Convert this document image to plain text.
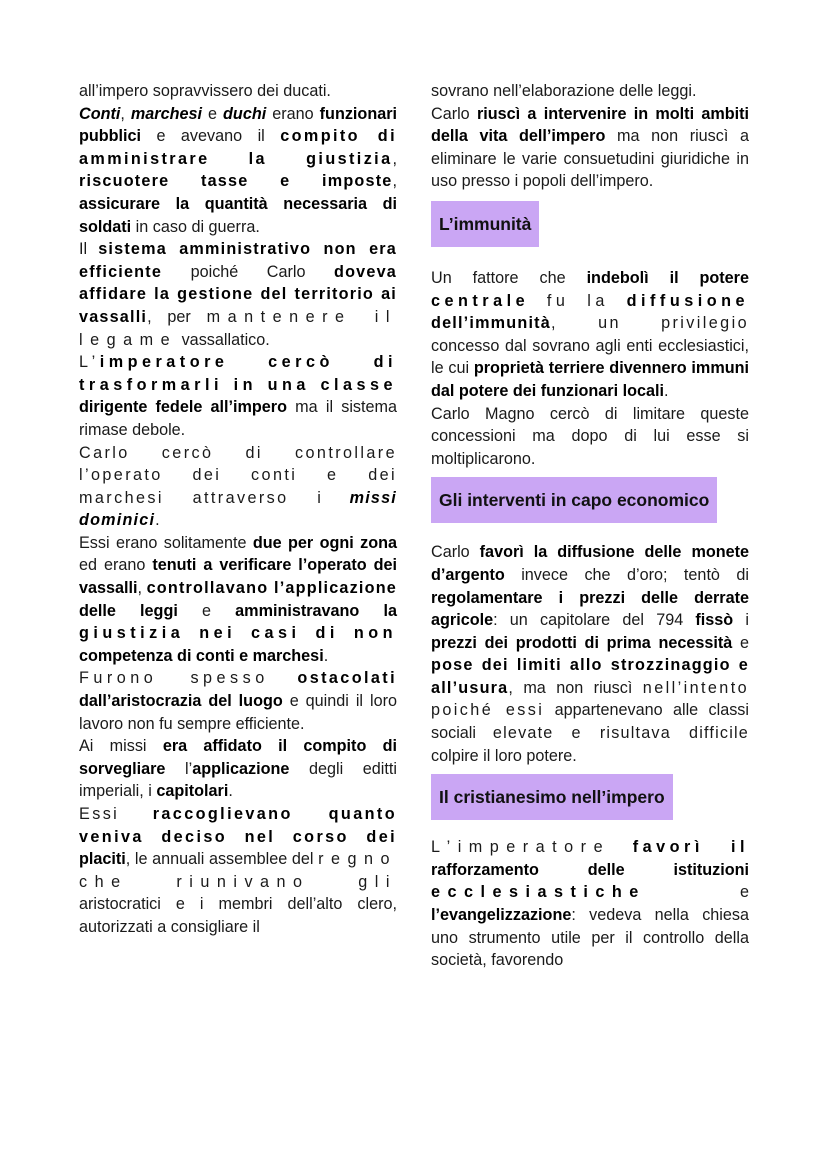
all’impero sopravvissero dei ducati.

Conti, marchesi e duchi erano funzionari pubblici e avevano il compito di amministrare la giustizia, riscuotere tasse e imposte, assicurare la quantità necessaria di soldati in caso di guerra.

Il sistema amministrativo non era efficiente poiché Carlo doveva affidare la gestione del territorio ai vassalli, per mantenere il legame vassallatico.

L’imperatore cercò di trasformarli in una classe dirigente fedele all’impero ma il sistema rimase debole.

Carlo cercò di controllare l’operato dei conti e dei marchesi attraverso i missi dominici.

Essi erano solitamente due per ogni zona ed erano tenuti a verificare l’operato dei vassalli, controllavano l’applicazione delle leggi e amministravano la giustizia nei casi di non competenza di conti e marchesi.

Furono spesso ostacolati dall’aristocrazia del luogo e quindi il loro lavoro non fu sempre efficiente.

Ai missi era affidato il compito di sorvegliare l’applicazione degli editti imperiali, i capitolari.

Essi raccoglievano quanto veniva deciso nel corso dei placiti, le annuali assemblee del regno che riunivano gli aristocratici e i membri dell’alto clero, autorizzati a consigliare il

sovrano nell’elaborazione delle leggi.

Carlo riuscì a intervenire in molti ambiti della vita dell’impero ma non riuscì a eliminare le varie consuetudini giuridiche in uso presso i popoli dell’impero.

L’immunità

Un fattore che indebolì il potere centrale fu la diffusione dell’immunità, un privilegio concesso dal sovrano agli enti ecclesiastici, le cui proprietà terriere divennero immuni dal potere dei funzionari locali.

Carlo Magno cercò di limitare queste concessioni ma dopo di lui esse si moltiplicarono.

Gli interventi in capo economico

Carlo favorì la diffusione delle monete d’argento invece che d’oro; tentò di regolamentare i prezzi delle derrate agricole: un capitolare del 794 fissò i prezzi dei prodotti di prima necessità e pose dei limiti allo strozzinaggio e all’usura, ma non riuscì nell’intento poiché essi appartenevano alle classi sociali elevate e risultava difficile colpire il loro potere.

Il cristianesimo nell’impero

L’imperatore favorì il rafforzamento delle istituzioni ecclesiastiche e l’evangelizzazione: vedeva nella chiesa uno strumento utile per il controllo della società, favorendo
